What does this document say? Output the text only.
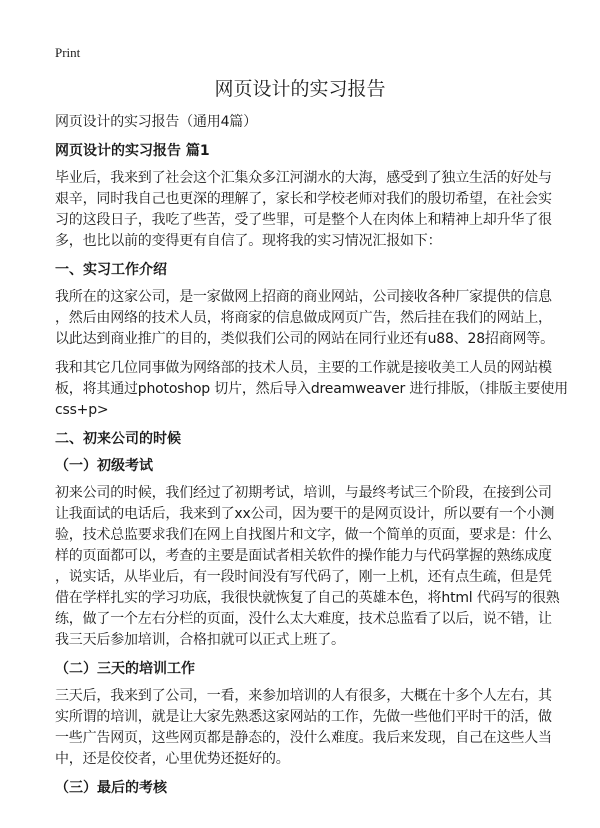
Print
网页设计的实习报告
网页设计的实习报告（通用4篇）
网页设计的实习报告 篇1
毕业后，我来到了社会这个汇集众多江河湖水的大海，感受到了独立生活的好处与
艰辛，同时我自己也更深的理解了，家长和学校老师对我们的殷切希望，在社会实
习的这段日子，我吃了些苦，受了些罪，可是整个人在肉体上和精神上却升华了很
多，也比以前的变得更有自信了。现将我的实习情况汇报如下：
一、实习工作介绍
我所在的这家公司，是一家做网上招商的商业网站，公司接收各种厂家提供的信息
，然后由网络的技术人员，将商家的信息做成网页广告，然后挂在我们的网站上，
以此达到商业推广的目的，类似我们公司的网站在同行业还有u88、28招商网等。
我和其它几位同事做为网络部的技术人员，主要的工作就是接收美工人员的网站模
板，将其通过photoshop 切片，然后导入dreamweaver 进行排版，（排版主要使用
css+p>
二、初来公司的时候
（一）初级考试
初来公司的时候，我们经过了初期考试，培训，与最终考试三个阶段，在接到公司
让我面试的电话后，我来到了xx公司，因为要干的是网页设计，所以要有一个小测
验，技术总监要求我们在网上自找图片和文字，做一个简单的页面，要求是：什么
样的页面都可以，考查的主要是面试者相关软件的操作能力与代码掌握的熟练成度
，说实话，从毕业后，有一段时间没有写代码了，刚一上机，还有点生疏，但是凭
借在学样扎实的学习功底，我很快就恢复了自己的英雄本色，将html 代码写的很熟
练，做了一个左右分栏的页面，没什么太大难度，技术总监看了以后，说不错，让
我三天后参加培训，合格扣就可以正式上班了。
（二）三天的培训工作
三天后，我来到了公司，一看，来参加培训的人有很多，大概在十多个人左右，其
实所谓的培训，就是让大家先熟悉这家网站的工作，先做一些他们平时干的活，做
一些广告网页，这些网页都是静态的，没什么难度。我后来发现，自己在这些人当
中，还是佼佼者，心里优势还挺好的。
（三）最后的考核
